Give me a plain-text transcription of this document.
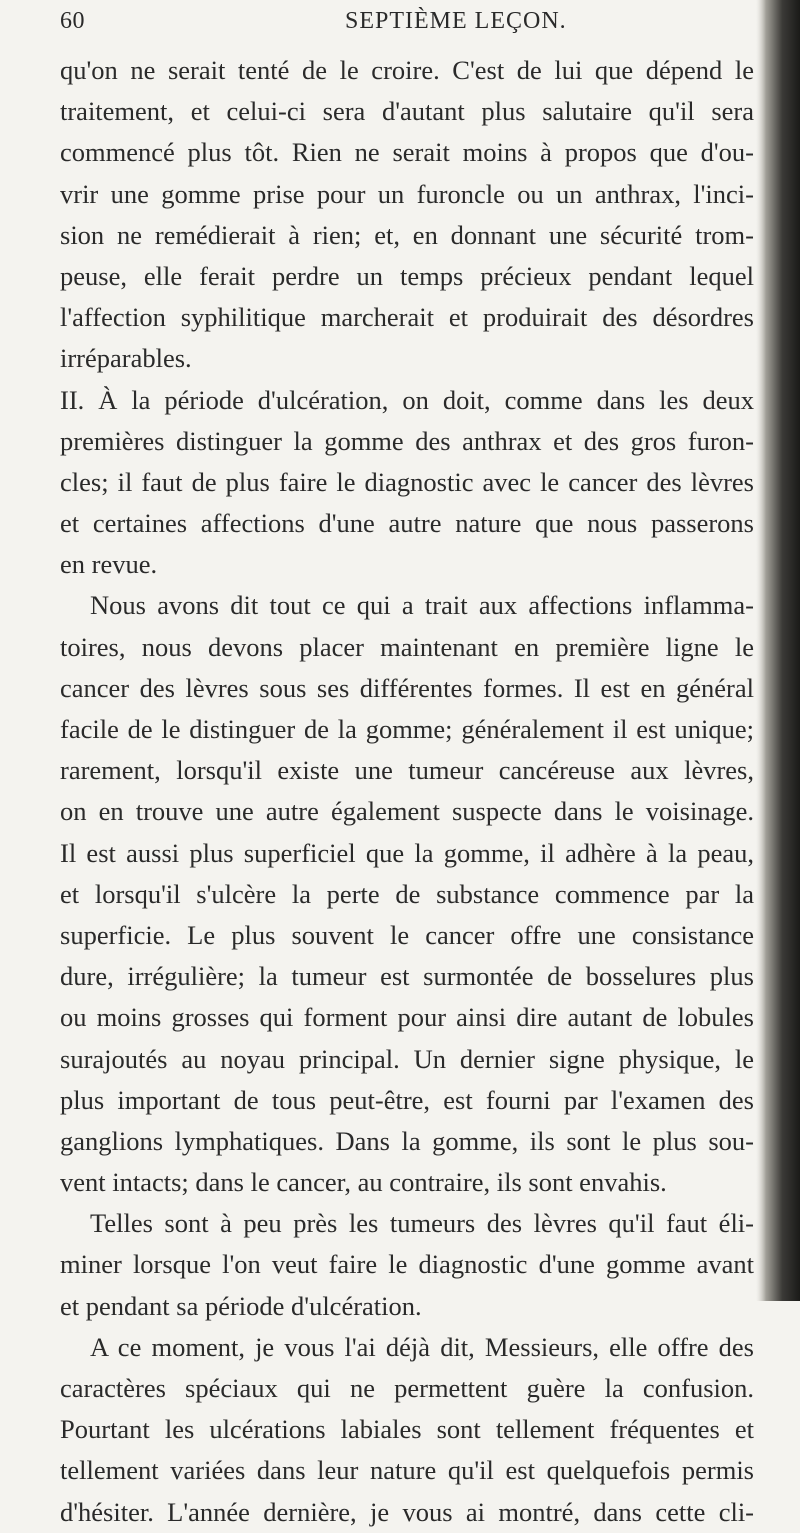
60	SEPTIÈME LEÇON.
qu'on ne serait tenté de le croire. C'est de lui que dépend le
traitement, et celui-ci sera d'autant plus salutaire qu'il sera
commencé plus tôt. Rien ne serait moins à propos que d'ou-
vrir une gomme prise pour un furoncle ou un anthrax, l'inci-
sion ne remédierait à rien; et, en donnant une sécurité trom-
peuse, elle ferait perdre un temps précieux pendant lequel
l'affection syphilitique marcherait et produirait des désordres
irréparables.
II. À la période d'ulcération, on doit, comme dans les deux
premières distinguer la gomme des anthrax et des gros furon-
cles; il faut de plus faire le diagnostic avec le cancer des lèvres
et certaines affections d'une autre nature que nous passerons
en revue.
Nous avons dit tout ce qui a trait aux affections inflamma-
toires, nous devons placer maintenant en première ligne le
cancer des lèvres sous ses différentes formes. Il est en général
facile de le distinguer de la gomme; généralement il est unique;
rarement, lorsqu'il existe une tumeur cancéreuse aux lèvres,
on en trouve une autre également suspecte dans le voisinage.
Il est aussi plus superficiel que la gomme, il adhère à la peau,
et lorsqu'il s'ulcère la perte de substance commence par la
superficie. Le plus souvent le cancer offre une consistance
dure, irrégulière; la tumeur est surmontée de bosselures plus
ou moins grosses qui forment pour ainsi dire autant de lobules
surajoutés au noyau principal. Un dernier signe physique, le
plus important de tous peut-être, est fourni par l'examen des
ganglions lymphatiques. Dans la gomme, ils sont le plus sou-
vent intacts; dans le cancer, au contraire, ils sont envahis.
Telles sont à peu près les tumeurs des lèvres qu'il faut éli-
miner lorsque l'on veut faire le diagnostic d'une gomme avant
et pendant sa période d'ulcération.
A ce moment, je vous l'ai déjà dit, Messieurs, elle offre des
caractères spéciaux qui ne permettent guère la confusion.
Pourtant les ulcérations labiales sont tellement fréquentes et
tellement variées dans leur nature qu'il est quelquefois permis
d'hésiter. L'année dernière, je vous ai montré, dans cette cli-
